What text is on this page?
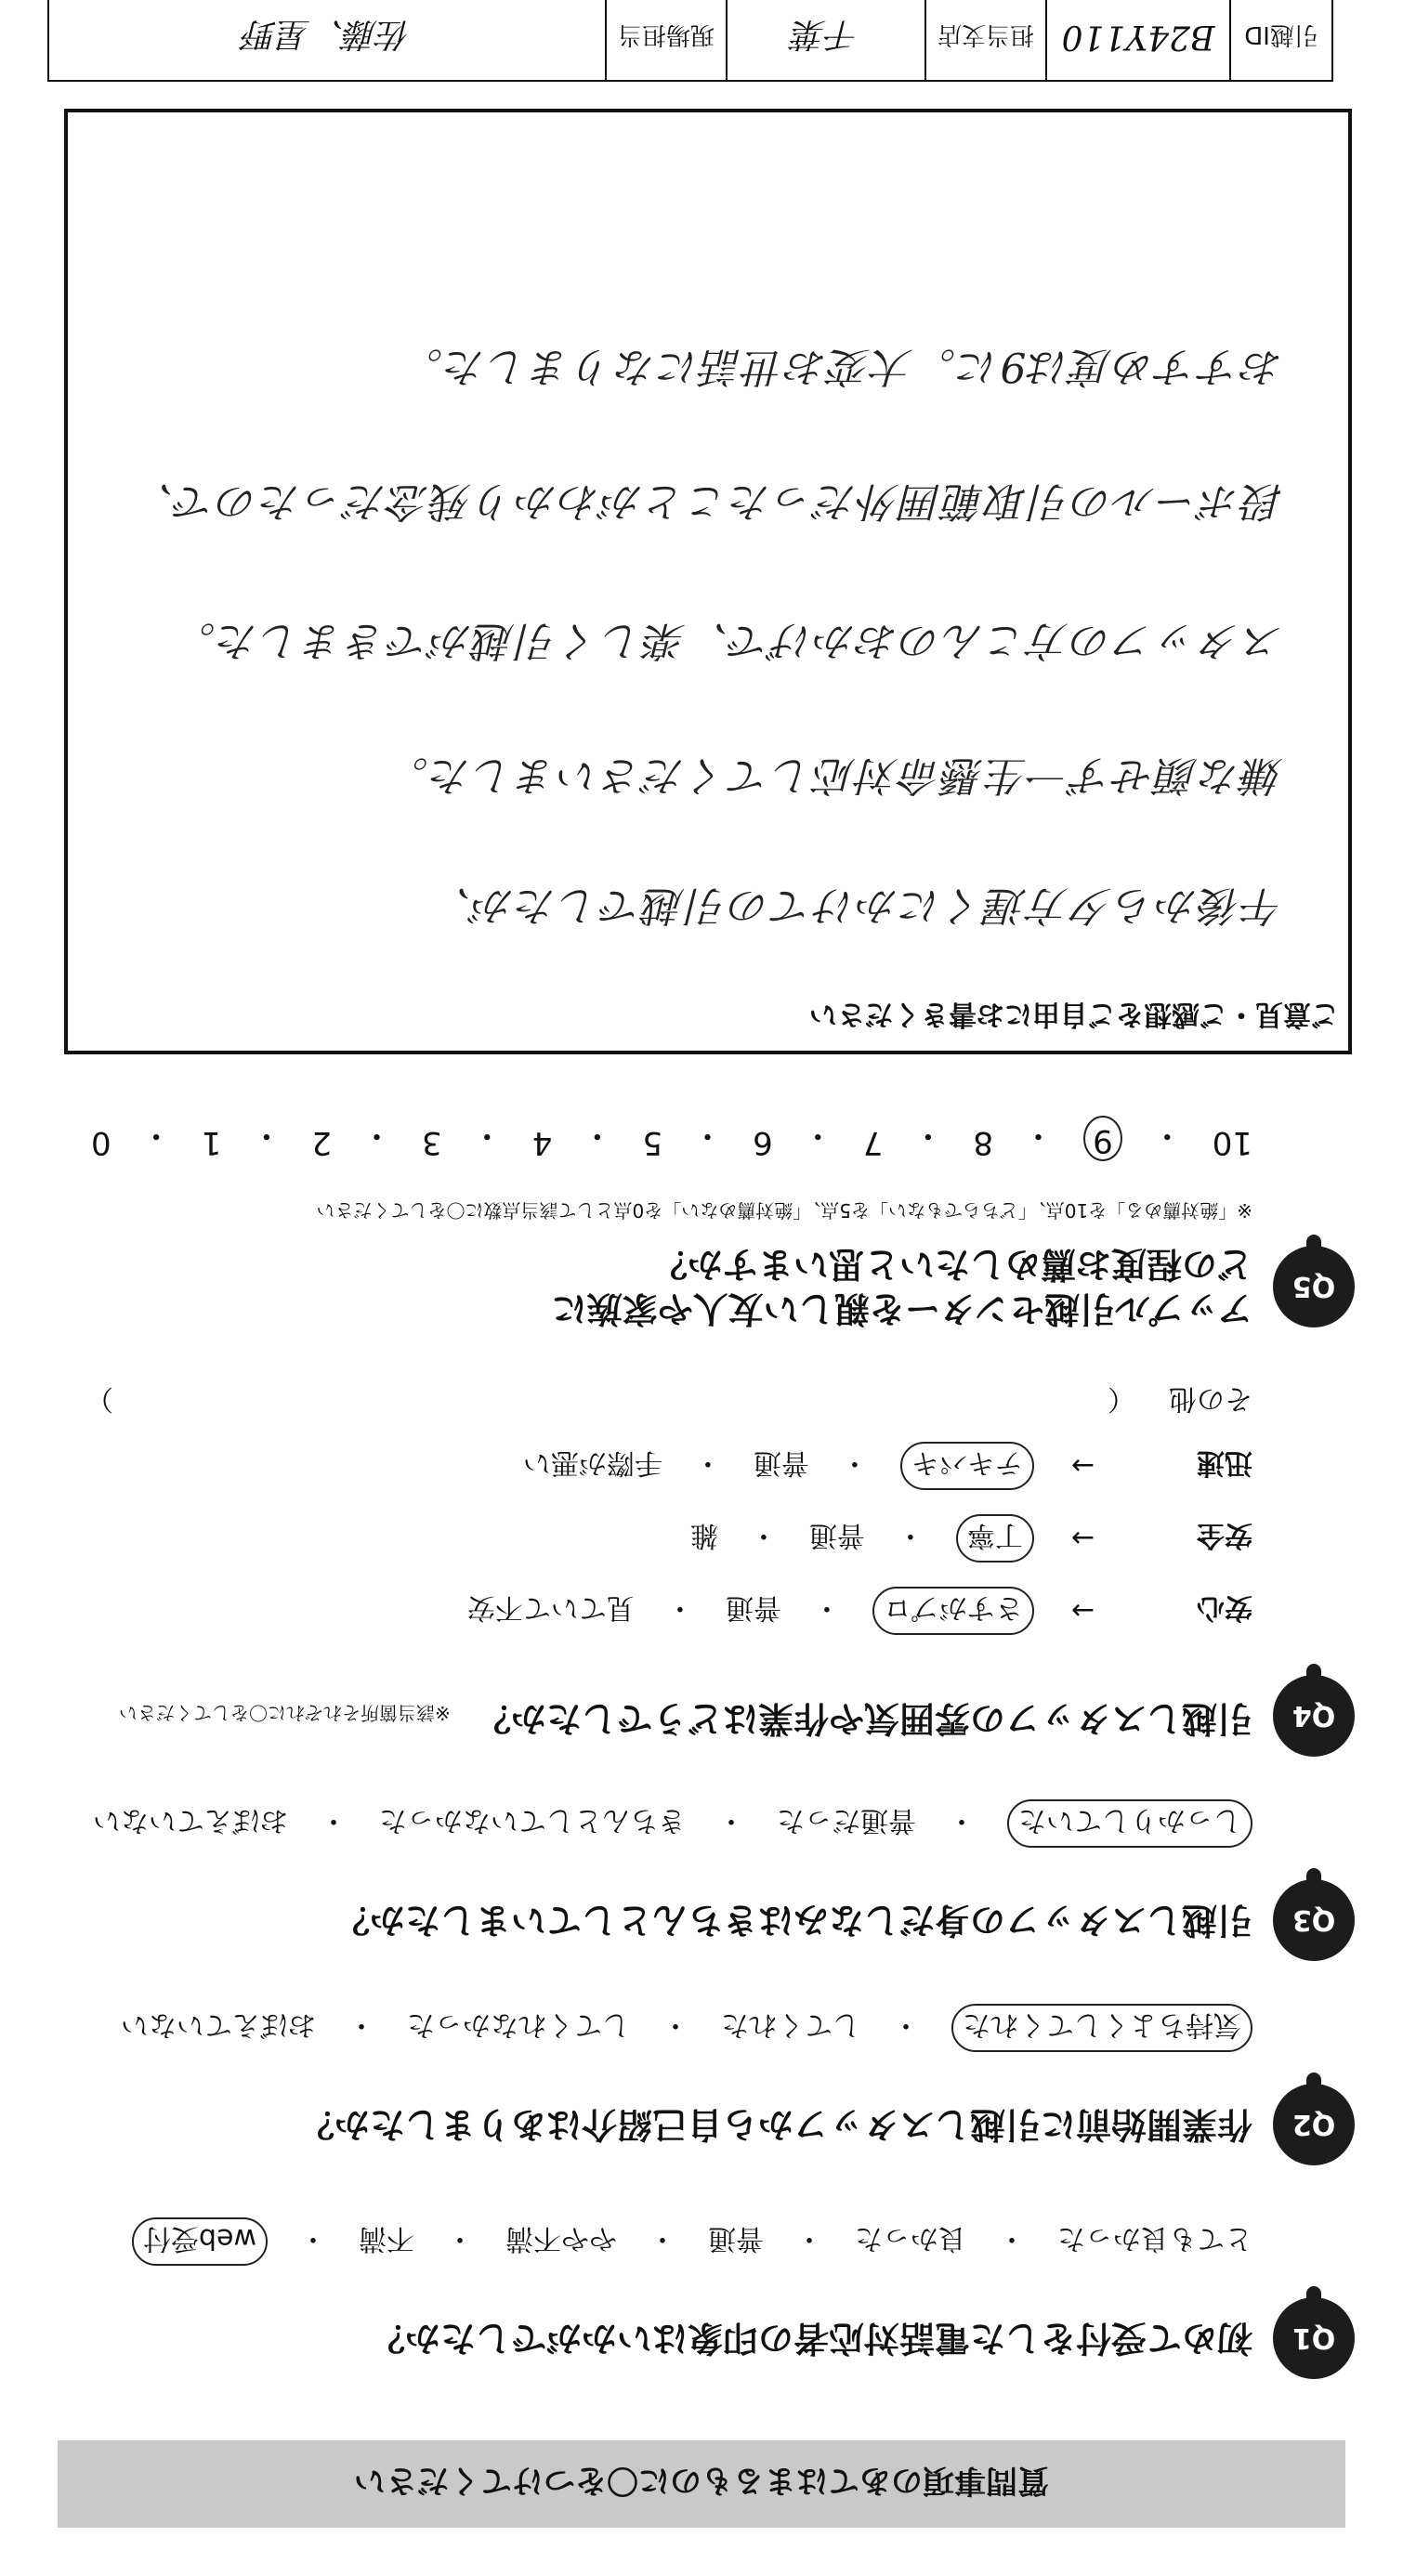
質問事項のあてはまるものに〇をつけてください
Q1
初めて受付をした電話対応者の印象はいかがでしたか？
とても良かった
・
良かった
・
普通
・
やや不満
・
不満
・
web受付
Q2
作業開始前に引越しスタッフから自己紹介はありましたか？
気持ちよくしてくれた
・
してくれた
・
してくれなかった
・
おぼえていない
Q3
引越しスタッフの身だしなみはきちんとしていましたか？
しっかりしていた
・
普通だった
・
きちんとしていなかった
・
おぼえていない
Q4
引越しスタッフの雰囲気や作業はどうでしたか？ ※該当箇所それぞれに〇をしてください
安心
→
さすがプロ
・
普通
・
見ていて不安
安全
→
丁寧
・
普通
・
雑
迅速
→
テキパキ
・
普通
・
手際が悪い
その他
（
）
Q5
アップル引越センターを親しい友人や家族に
どの程度お薦めしたいと思いますか？
※「絶対薦める」を10点、「どちらでもない」を5点、「絶対薦めない」を0点として該当点数に〇をしてください
10
・
9
・
8
・
7
・
6
・
5
・
4
・
3
・
2
・
1
・
0
ご意見・ご感想をご自由にお書きください
午後から夕方遅くにかけての引越でしたが、
嫌な顔せず一生懸命対応してくださいました。
スタッフの方こんのおかげで、楽しく引越ができました。
段ボールの引取範囲外だったことがわかり残念だったので、
おすすめ度は9に。大変お世話になりました。
引越ID
B24Y110
担当支店
千葉
現場担当
佐藤、星野
